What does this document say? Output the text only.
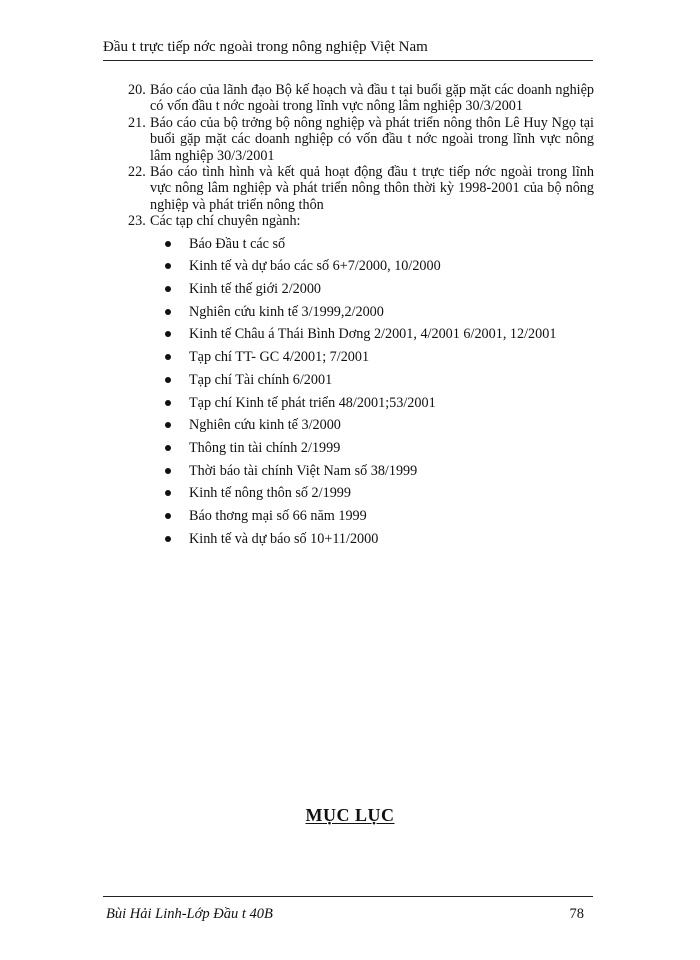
Đầu t trực tiếp nớc ngoài trong nông nghiệp Việt Nam
20. Báo cáo của lãnh đạo Bộ kế hoạch và đầu t tại buổi gặp mặt các doanh nghiệp có vốn đầu t nớc ngoài trong lĩnh vực nông lâm nghiệp 30/3/2001
21. Báo cáo của bộ trởng bộ nông nghiệp và phát triển nông thôn Lê Huy Ngọ tại buổi gặp mặt các doanh nghiệp có vốn đầu t nớc ngoài trong lĩnh vực nông lâm nghiệp 30/3/2001
22. Báo cáo tình hình và kết quả hoạt động đầu t trực tiếp nớc ngoài trong lĩnh vực nông lâm nghiệp và phát triển nông thôn thời kỳ 1998-2001 của bộ nông nghiệp và phát triển nông thôn
23. Các tạp chí chuyên ngành:
Báo Đầu t các số
Kinh tế và dự báo các số 6+7/2000, 10/2000
Kinh tế thế giới 2/2000
Nghiên cứu kinh tế 3/1999,2/2000
Kinh tế Châu á Thái Bình Dơng 2/2001, 4/2001 6/2001, 12/2001
Tạp chí TT- GC 4/2001; 7/2001
Tạp chí Tài chính 6/2001
Tạp chí Kinh tế phát triển 48/2001;53/2001
Nghiên cứu kinh tế 3/2000
Thông tin tài chính 2/1999
Thời báo tài chính Việt Nam số 38/1999
Kinh tế nông thôn số 2/1999
Báo thơng mại số 66 năm 1999
Kinh tế và dự báo số 10+11/2000
MỤC LỤC
Bùi Hải Linh-Lớp Đầu t 40B	78
